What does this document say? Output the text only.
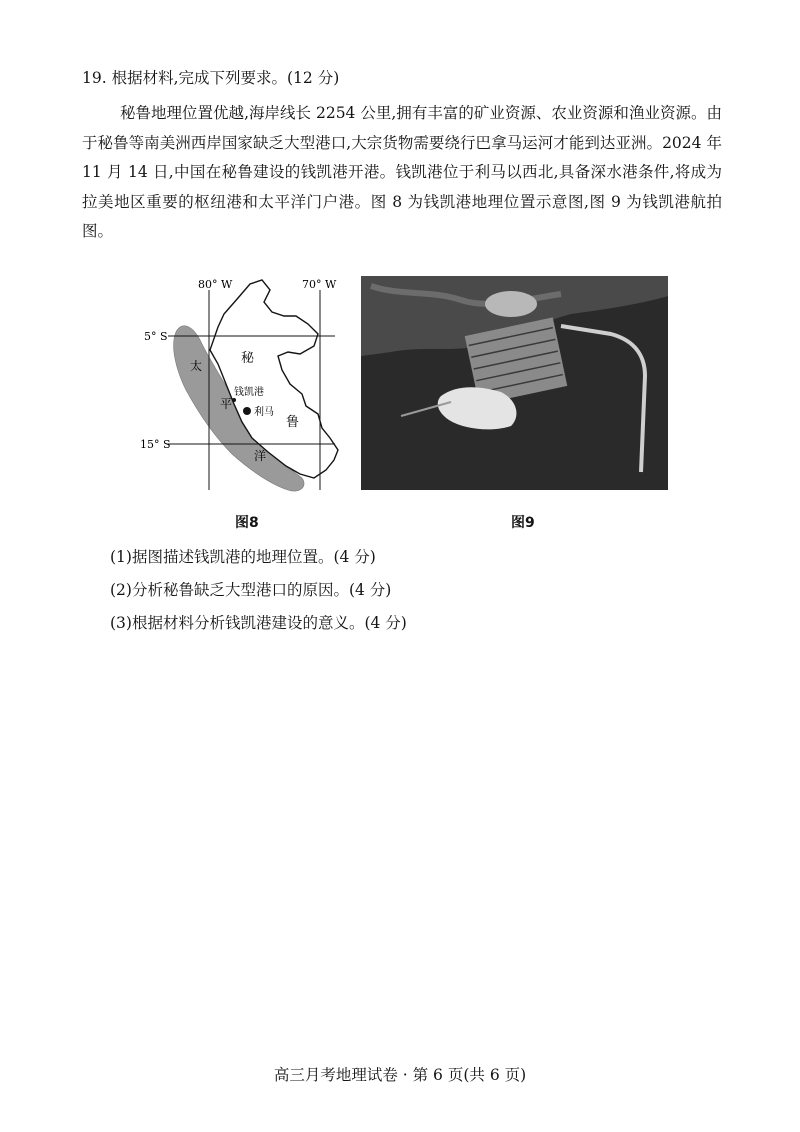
19. 根据材料,完成下列要求。(12 分)
秘鲁地理位置优越,海岸线长 2254 公里,拥有丰富的矿业资源、农业资源和渔业资源。由于秘鲁等南美洲西岸国家缺乏大型港口,大宗货物需要绕行巴拿马运河才能到达亚洲。2024 年 11 月 14 日,中国在秘鲁建设的钱凯港开港。钱凯港位于利马以西北,具备深水港条件,将成为拉美地区重要的枢纽港和太平洋门户港。图 8 为钱凯港地理位置示意图,图 9 为钱凯港航拍图。
80° W	70° W
5° S
15° S
太
平
洋
秘
鲁
钱凯港
利马
图8	图9
(1)据图描述钱凯港的地理位置。(4 分)
(2)分析秘鲁缺乏大型港口的原因。(4 分)
(3)根据材料分析钱凯港建设的意义。(4 分)
高三月考地理试卷 · 第 6 页(共 6 页)
